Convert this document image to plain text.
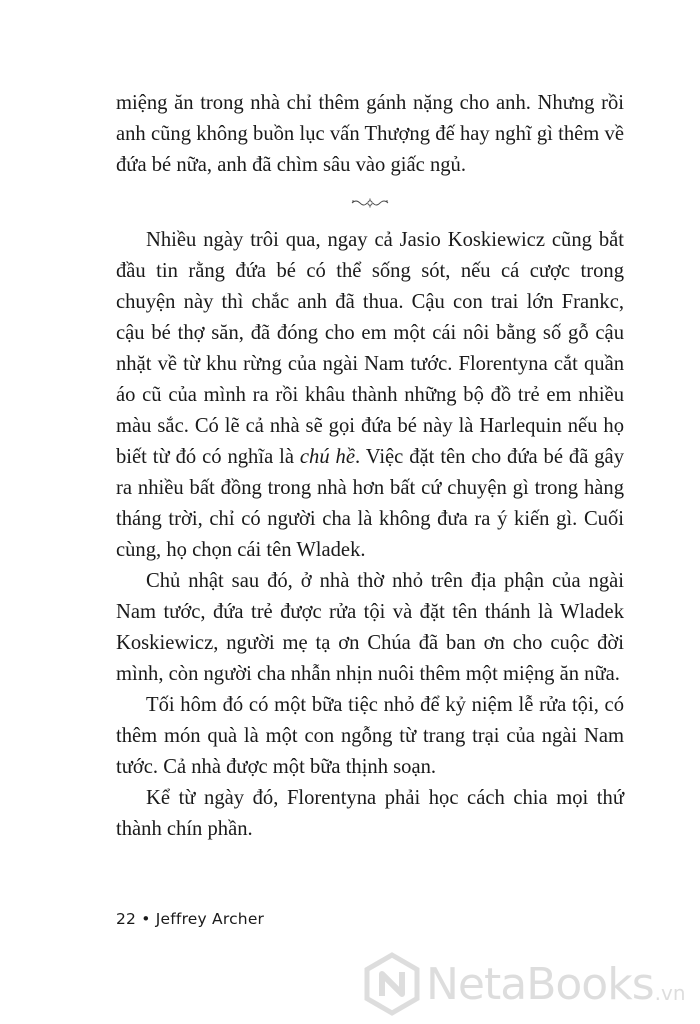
miệng ăn trong nhà chỉ thêm gánh nặng cho anh. Nhưng rồi anh cũng không buồn lục vấn Thượng đế hay nghĩ gì thêm về đứa bé nữa, anh đã chìm sâu vào giấc ngủ.

Nhiều ngày trôi qua, ngay cả Jasio Koskiewicz cũng bắt đầu tin rằng đứa bé có thể sống sót, nếu cá cược trong chuyện này thì chắc anh đã thua. Cậu con trai lớn Frankc, cậu bé thợ săn, đã đóng cho em một cái nôi bằng số gỗ cậu nhặt về từ khu rừng của ngài Nam tước. Florentyna cắt quần áo cũ của mình ra rồi khâu thành những bộ đồ trẻ em nhiều màu sắc. Có lẽ cả nhà sẽ gọi đứa bé này là Harlequin nếu họ biết từ đó có nghĩa là chú hề. Việc đặt tên cho đứa bé đã gây ra nhiều bất đồng trong nhà hơn bất cứ chuyện gì trong hàng tháng trời, chỉ có người cha là không đưa ra ý kiến gì. Cuối cùng, họ chọn cái tên Wladek.

Chủ nhật sau đó, ở nhà thờ nhỏ trên địa phận của ngài Nam tước, đứa trẻ được rửa tội và đặt tên thánh là Wladek Koskiewicz, người mẹ tạ ơn Chúa đã ban ơn cho cuộc đời mình, còn người cha nhẫn nhịn nuôi thêm một miệng ăn nữa.

Tối hôm đó có một bữa tiệc nhỏ để kỷ niệm lễ rửa tội, có thêm món quà là một con ngỗng từ trang trại của ngài Nam tước. Cả nhà được một bữa thịnh soạn.

Kể từ ngày đó, Florentyna phải học cách chia mọi thứ thành chín phần.

22 • Jeffrey Archer
NetaBooks .vn
